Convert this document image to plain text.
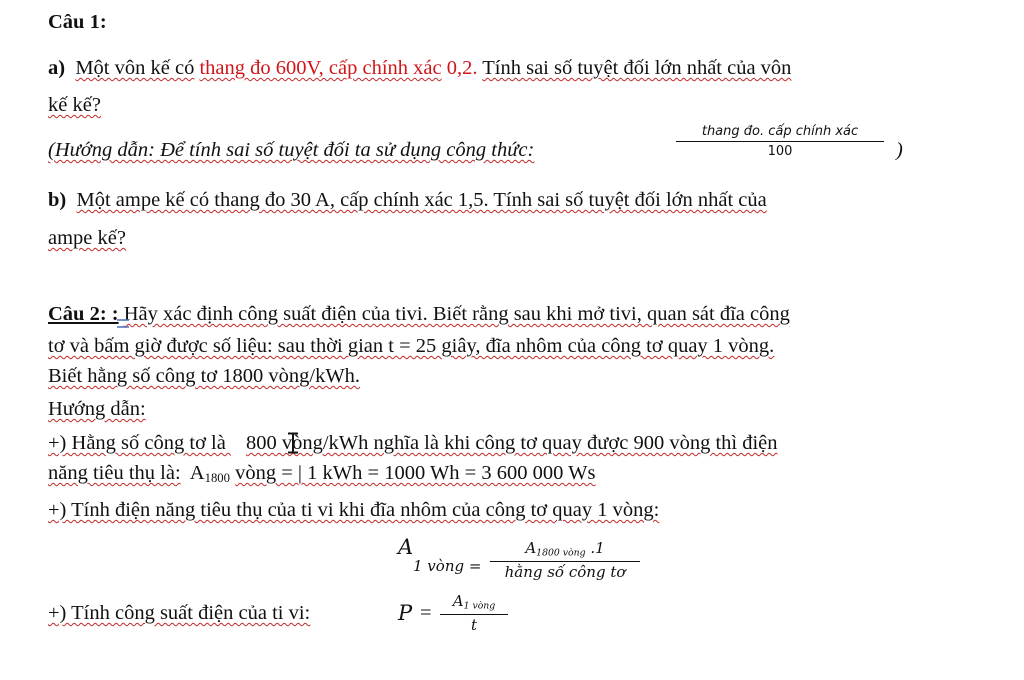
Câu 1:
a) Một vôn kế có thang đo 600V, cấp chính xác 0,2. Tính sai số tuyệt đối lớn nhất của vôn
kế kế?
(Hướng dẫn: Để tính sai số tuyệt đối ta sử dụng công thức:
thang đo. cấp chính xác
100	)
b) Một ampe kế có thang đo 30 A, cấp chính xác 1,5. Tính sai số tuyệt đối lớn nhất của
ampe kế?
Câu 2: : Hãy xác định công suất điện của tivi. Biết rằng sau khi mở tivi, quan sát đĩa công
tơ và bấm giờ được số liệu: sau thời gian t = 25 giây, đĩa nhôm của công tơ quay 1 vòng.
Biết hằng số công tơ 1800 vòng/kWh.
Hướng dẫn:
+) Hằng số công tơ là 800 vòng/kWh nghĩa là khi công tơ quay được 900 vòng thì điện
năng tiêu thụ là: $A_{1800}$ vòng = | 1 kWh = 1000 Wh = 3 600 000 Ws
+) Tính điện năng tiêu thụ của ti vi khi đĩa nhôm của công tơ quay 1 vòng:
A
1 vòng =
$A_{1800 vòng}$ .1
hằng số công tơ
+) Tính công suất điện của ti vi:	P =
$A_{1 vòng}$
t
